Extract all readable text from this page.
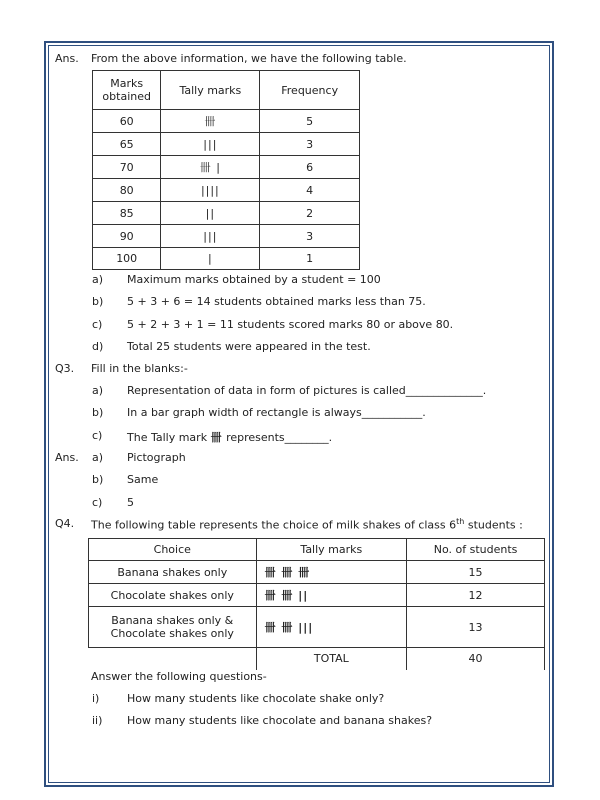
Ans. From the above information, we have the following table.
Marks
obtained	Tally marks	Frequency
60	卌	5
65	|||	3
70	卌 |	6
80	||||	4
85	||	2
90	|||	3
100	|	1
a) Maximum marks obtained by a student = 100
b) 5 + 3 + 6 = 14 students obtained marks less than 75.
c) 5 + 2 + 3 + 1 = 11 students scored marks 80 or above 80.
d) Total 25 students were appeared in the test.
Q3. Fill in the blanks:-
a) Representation of data in form of pictures is called______________.
b) In a bar graph width of rectangle is always___________.
c) The Tally mark 卌 represents________.
Ans. a) Pictograph
b) Same
c) 5
Q4. The following table represents the choice of milk shakes of class 6th students :
Choice	Tally marks	No. of students
Banana shakes only	卌 卌 卌	15
Chocolate shakes only	卌 卌 ||	12

Banana shakes only &
Chocolate shakes only	卌 卌 |||	13
	TOTAL	40
Answer the following questions-
i)	How many students like chocolate shake only?
ii) How many students like chocolate and banana shakes?
